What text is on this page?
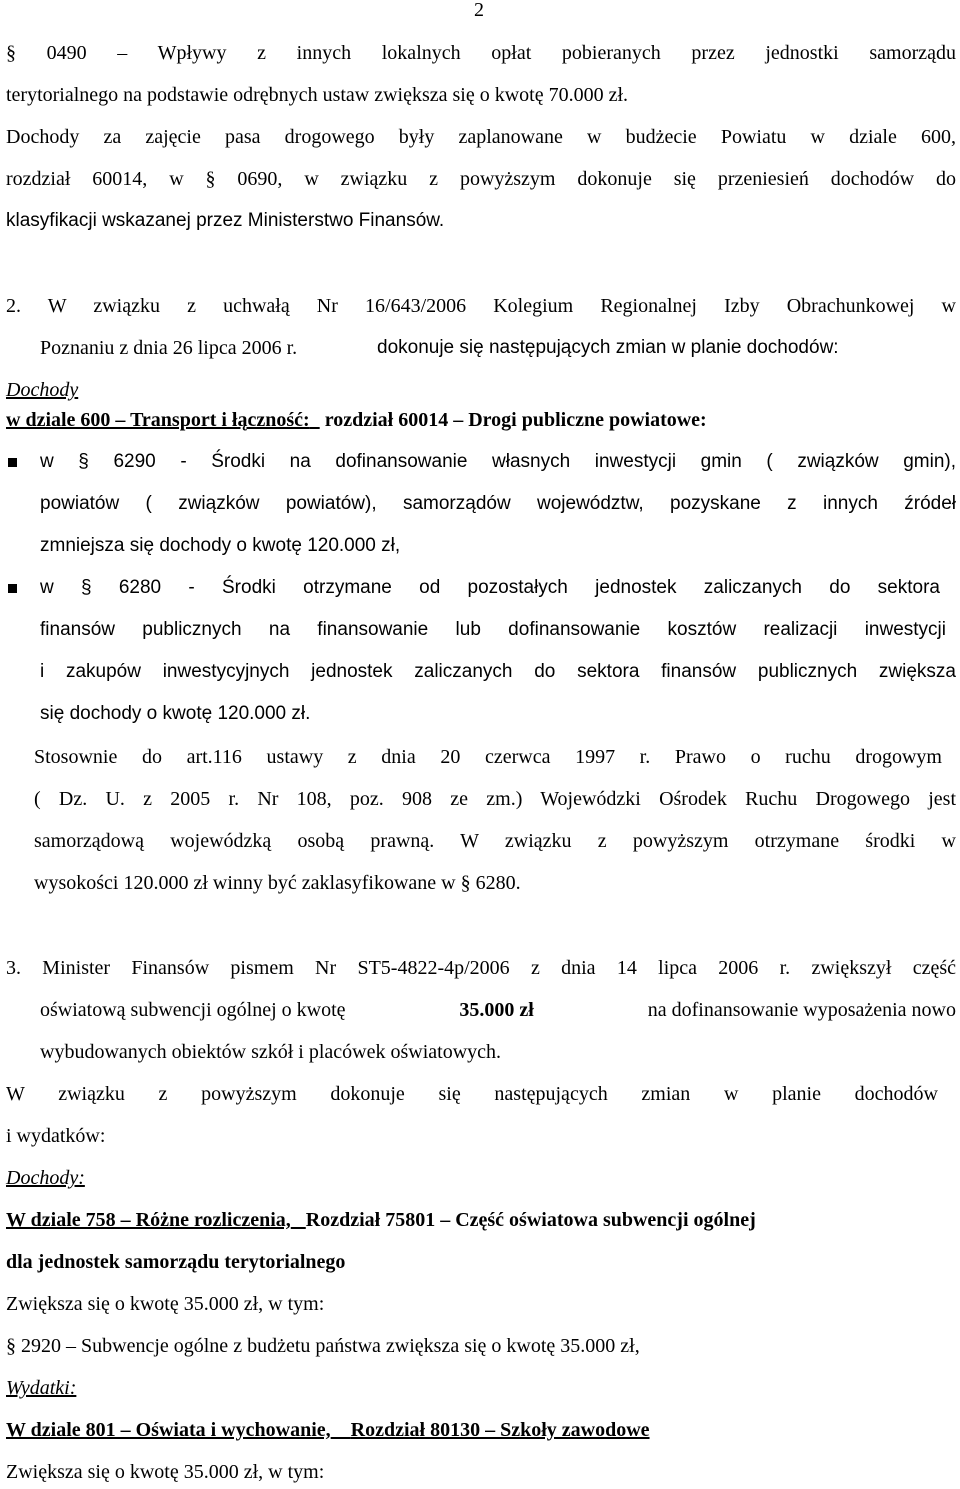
2
§ 0490 – Wpływy z innych lokalnych opłat pobieranych przez jednostki samorządu
terytorialnego na podstawie odrębnych ustaw zwiększa się o kwotę 70.000 zł.
Dochody za zajęcie pasa drogowego były zaplanowane w budżecie Powiatu w dziale 600,
rozdział 60014, w § 0690, w związku z powyższym dokonuje się przeniesień dochodów do
klasyfikacji wskazanej przez Ministerstwo Finansów.
2. W związku z uchwałą Nr 16/643/2006 Kolegium Regionalnej Izby Obrachunkowej w
Poznaniu z dnia 26 lipca 2006 r.	dokonuje się następujących zmian w planie dochodów:
Dochody
w dziale 600 – Transport i łączność: rozdział 60014 – Drogi publiczne powiatowe:
w § 6290 - Środki na dofinansowanie własnych inwestycji gmin ( związków gmin),
powiatów ( związków powiatów), samorządów województw, pozyskane z innych źródeł
zmniejsza się dochody o kwotę 120.000 zł,
w § 6280 - Środki otrzymane od pozostałych jednostek zaliczanych do sektora
finansów publicznych na finansowanie lub dofinansowanie kosztów realizacji inwestycji
i zakupów inwestycyjnych jednostek zaliczanych do sektora finansów publicznych zwiększa
się dochody o kwotę 120.000 zł.
Stosownie do art.116 ustawy z dnia 20 czerwca 1997 r. Prawo o ruchu drogowym
( Dz. U. z 2005 r. Nr 108, poz. 908 ze zm.) Wojewódzki Ośrodek Ruchu Drogowego jest
samorządową wojewódzką osobą prawną. W związku z powyższym otrzymane środki w
wysokości 120.000 zł winny być zaklasyfikowane w § 6280.
3. Minister Finansów pismem Nr ST5-4822-4p/2006 z dnia 14 lipca 2006 r. zwiększył część
oświatową subwencji ogólnej o kwotę	35.000 zł	na dofinansowanie wyposażenia nowo
wybudowanych obiektów szkół i placówek oświatowych.
W związku z powyższym dokonuje się następujących zmian w planie dochodów
i wydatków:
Dochody:
W dziale 758 – Różne rozliczenia, Rozdział 75801 – Część oświatowa subwencji ogólnej
dla jednostek samorządu terytorialnego
Zwiększa się o kwotę 35.000 zł, w tym:
§ 2920 – Subwencje ogólne z budżetu państwa zwiększa się o kwotę 35.000 zł,
Wydatki:
W dziale 801 – Oświata i wychowanie, Rozdział 80130 – Szkoły zawodowe
Zwiększa się o kwotę 35.000 zł, w tym:
